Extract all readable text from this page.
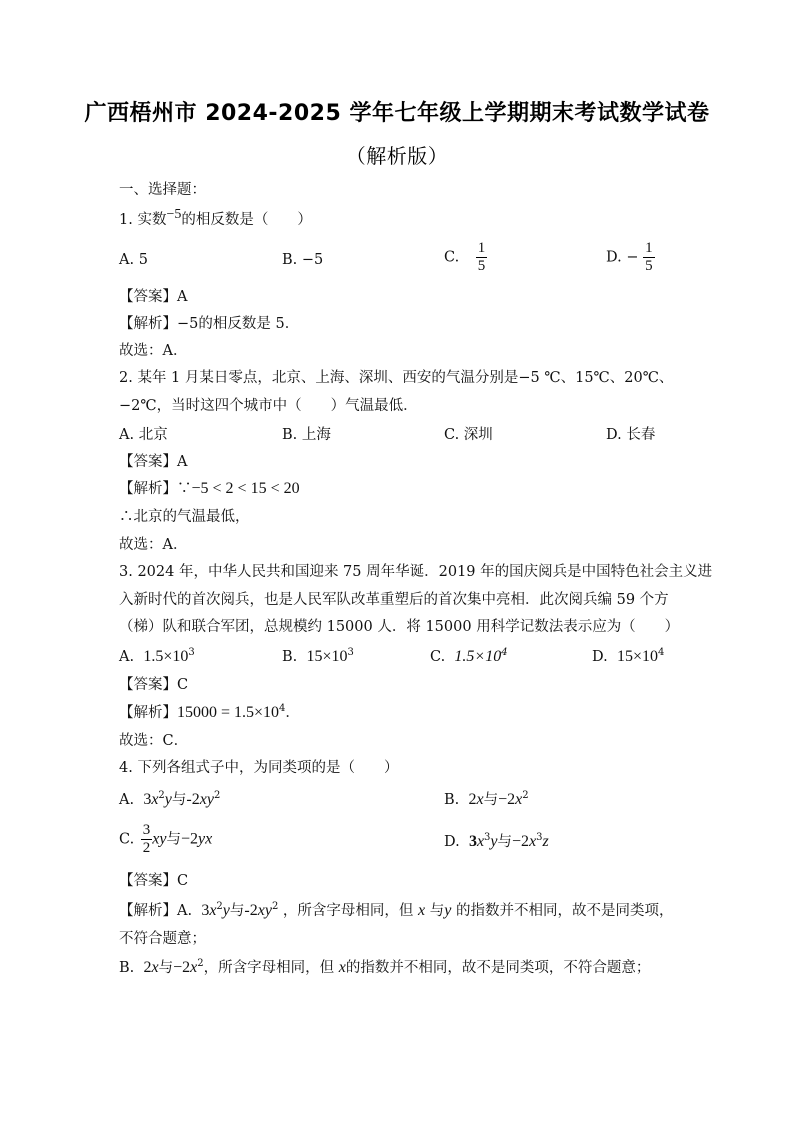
广西梧州市 2024-2025 学年七年级上学期期末考试数学试卷
（解析版）
一、选择题：
1. 实数$^{-5}$的相反数是（　　）
A. 5	B. −5	C. $\frac{1}{5}$	D. − $\frac{1}{5}$
【答案】A
【解析】−5的相反数是 5．
故选：A．
2. 某年 1 月某日零点，北京、上海、深圳、西安的气温分别是−5 ℃、15℃、20℃、
−2℃，当时这四个城市中（　　）气温最低．
A. 北京	B. 上海	C. 深圳	D. 长春
【答案】A
【解析】∵−5 < 2 < 15 < 20
∴北京的气温最低，
故选：A．
3. 2024 年，中华人民共和国迎来 75 周年华诞．2019 年的国庆阅兵是中国特色社会主义进
入新时代的首次阅兵，也是人民军队改革重塑后的首次集中亮相．此次阅兵编 59 个方
（梯）队和联合军团，总规模约 15000 人．将 15000 用科学记数法表示应为（　　）
A. $1.5\times 10^3$	B. $15\times 10^3$	C. $1.5\times 10^4$	D. $15\times 10^4$
【答案】C
【解析】$15000 = 1.5\times 10^4$．
故选：C．
4. 下列各组式子中，为同类项的是（　　）
A. $3x^2y$与$-2xy^2$	B. 2x与$-2x^2$
C. $\frac{3}{2}$ xy与−2yx	D. $3x^3y$与$-2x^3z$
【答案】C
【解析】A. $3x^2y$与$-2xy^2$ ，所含字母相同，但 x 与y 的指数并不相同，故不是同类项，
不符合题意；
B. 2x与$-2x^2$，所含字母相同，但 x的指数并不相同，故不是同类项，不符合题意；
